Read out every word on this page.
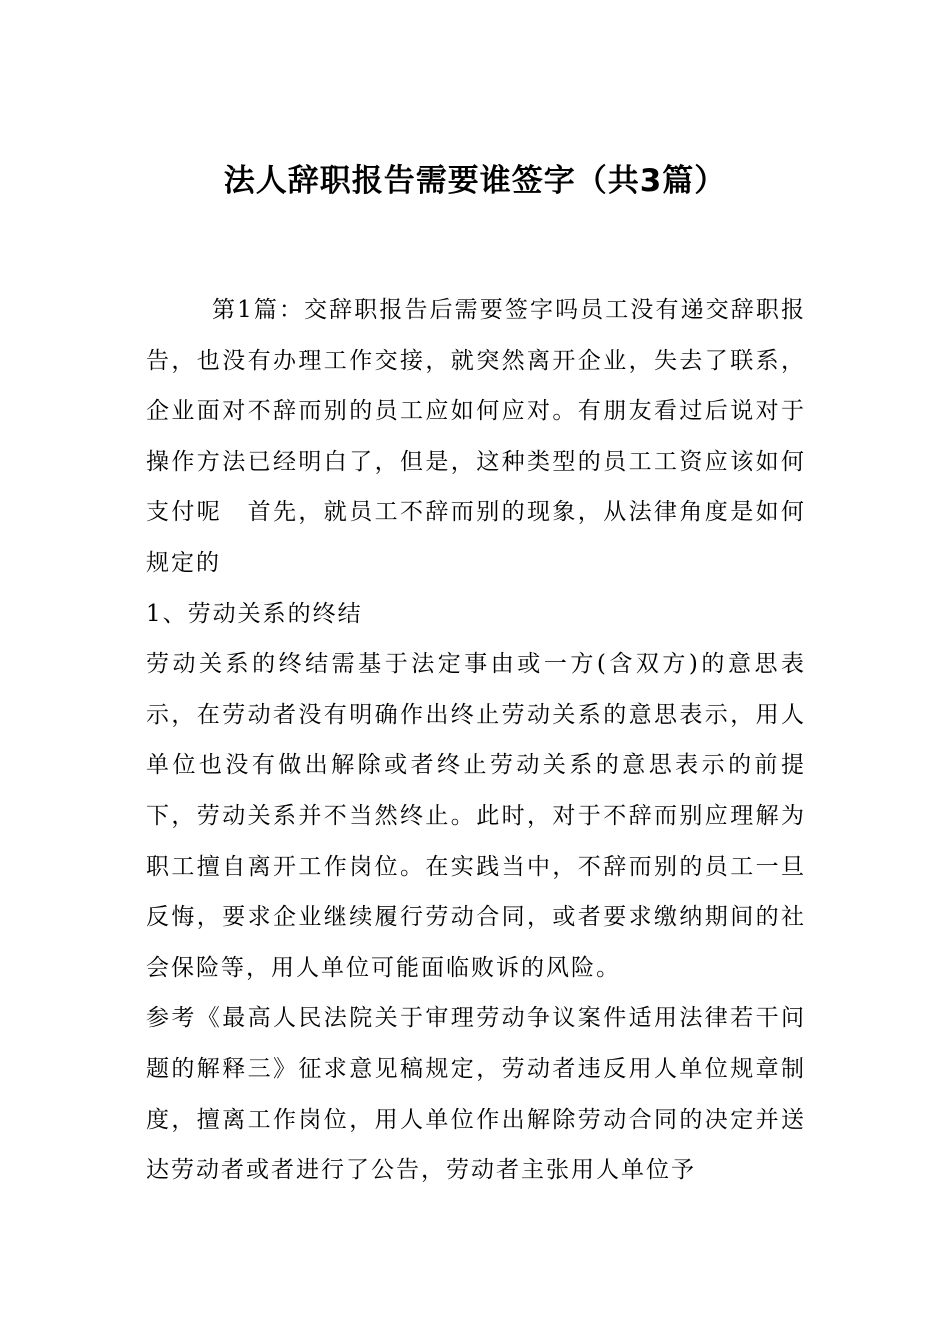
法人辞职报告需要谁签字（共3篇）

第1篇：交辞职报告后需要签字吗员工没有递交辞职报告，也没有办理工作交接，就突然离开企业，失去了联系，企业面对不辞而别的员工应如何应对。有朋友看过后说对于操作方法已经明白了，但是，这种类型的员工工资应该如何支付呢　首先，就员工不辞而别的现象，从法律角度是如何规定的

1、劳动关系的终结

劳动关系的终结需基于法定事由或一方(含双方)的意思表示，在劳动者没有明确作出终止劳动关系的意思表示，用人单位也没有做出解除或者终止劳动关系的意思表示的前提下，劳动关系并不当然终止。此时，对于不辞而别应理解为职工擅自离开工作岗位。在实践当中，不辞而别的员工一旦反悔，要求企业继续履行劳动合同，或者要求缴纳期间的社会保险等，用人单位可能面临败诉的风险。

参考《最高人民法院关于审理劳动争议案件适用法律若干问题的解释三》征求意见稿规定，劳动者违反用人单位规章制度，擅离工作岗位，用人单位作出解除劳动合同的决定并送达劳动者或者进行了公告，劳动者主张用人单位予
